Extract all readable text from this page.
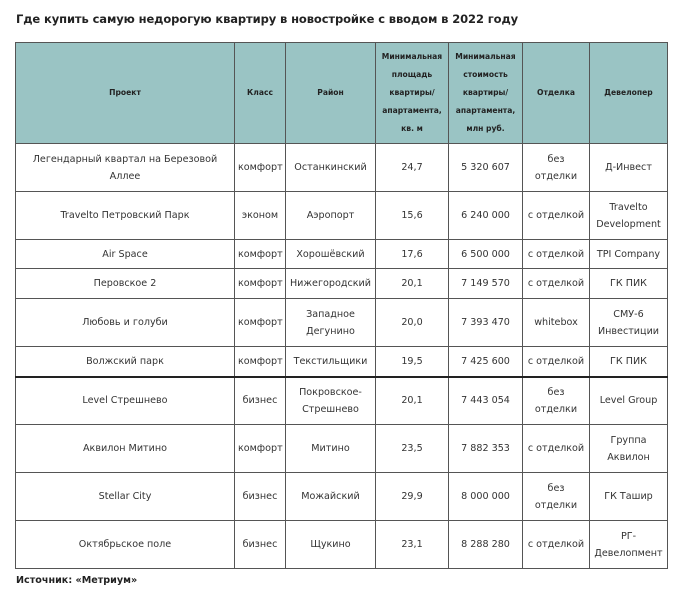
Где купить самую недорогую квартиру в новостройке с вводом в 2022 году
Проект	Класс	Район	Минимальная площадь квартиры/ апартамента, кв. м	Минимальная стоимость квартиры/ апартамента, млн руб.	Отделка	Девелопер
Легендарный квартал на Березовой Аллее	комфорт	Останкинский	24,7	5 320 607	без отделки	Д-Инвест
Travelto Петровский Парк	эконом	Аэропорт	15,6	6 240 000	с отделкой	Travelto Development
Air Space	комфорт	Хорошёвский	17,6	6 500 000	с отделкой	TPI Company
Перовское 2	комфорт	Нижегородский	20,1	7 149 570	с отделкой	ГК ПИК
Любовь и голуби	комфорт	Западное Дегунино	20,0	7 393 470	whitebox	СМУ-6 Инвестиции
Волжский парк	комфорт	Текстильщики	19,5	7 425 600	с отделкой	ГК ПИК
Level Стрешнево	бизнес	Покровское-Стрешнево	20,1	7 443 054	без отделки	Level Group
Аквилон Митино	комфорт	Митино	23,5	7 882 353	с отделкой	Группа Аквилон
Stellar City	бизнес	Можайский	29,9	8 000 000	без отделки	ГК Ташир
Октябрьское поле	бизнес	Щукино	23,1	8 288 280	с отделкой	РГ-Девелопмент
Источник: «Метриум»
